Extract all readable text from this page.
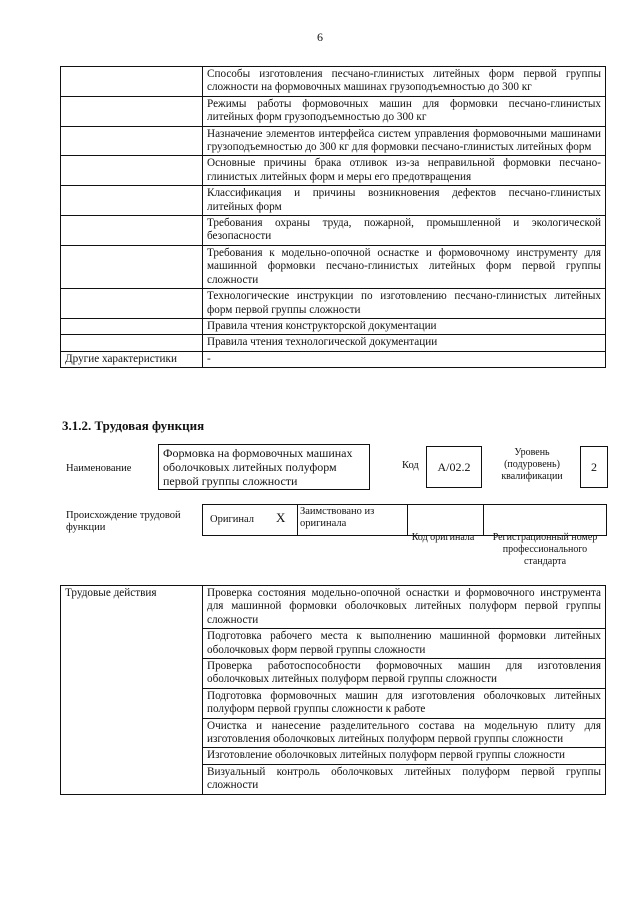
6
	Способы изготовления песчано-глинистых литейных форм первой группы сложности на формовочных машинах грузоподъемностью до 300 кг
	Режимы работы формовочных машин для формовки песчано-глинистых литейных форм грузоподъемностью до 300 кг
	Назначение элементов интерфейса систем управления формовочными машинами грузоподъемностью до 300 кг для формовки песчано-глинистых литейных форм
	Основные причины брака отливок из-за неправильной формовки песчано-глинистых литейных форм и меры его предотвращения
	Классификация и причины возникновения дефектов песчано-глинистых литейных форм
	Требования охраны труда, пожарной, промышленной и экологической безопасности
	Требования к модельно-опочной оснастке и формовочному инструменту для машинной формовки песчано-глинистых литейных форм первой группы сложности
	Технологические инструкции по изготовлению песчано-глинистых литейных форм первой группы сложности
	Правила чтения конструкторской документации
	Правила чтения технологической документации
Другие характеристики	-
3.1.2. Трудовая функция
Наименование
Формовка на формовочных машинах оболочковых литейных полуформ первой группы сложности
Код А/02.2
Уровень (подуровень) квалификации
2
Происхождение трудовой функции
Оригинал X Заимствовано из оригинала
Код оригинала	Регистрационный номер профессионального стандарта
Трудовые действия	Проверка состояния модельно-опочной оснастки и формовочного инструмента для машинной формовки оболочковых литейных полуформ первой группы сложности
Подготовка рабочего места к выполнению машинной формовки литейных оболочковых форм первой группы сложности
Проверка работоспособности формовочных машин для изготовления оболочковых литейных полуформ первой группы сложности
Подготовка формовочных машин для изготовления оболочковых литейных полуформ первой группы сложности к работе
Очистка и нанесение разделительного состава на модельную плиту для изготовления оболочковых литейных полуформ первой группы сложности
Изготовление оболочковых литейных полуформ первой группы сложности
Визуальный контроль оболочковых литейных полуформ первой группы сложности
